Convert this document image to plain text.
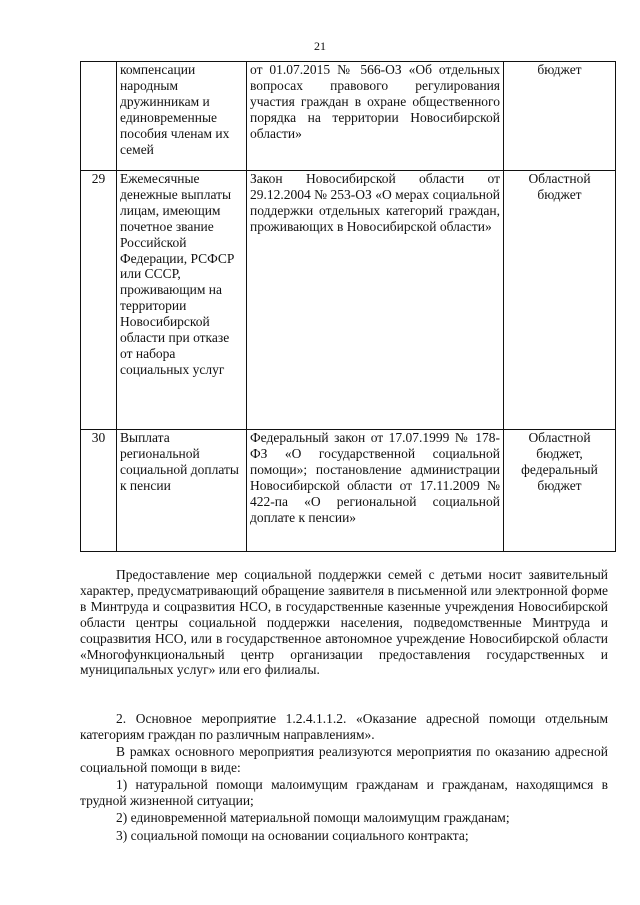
21
	компенсации народным дружинникам и единовременные пособия членам их семей	от 01.07.2015 № 566-ОЗ «Об отдельных вопросах правового регулирования участия граждан в охране общественного порядка на территории Новосибирской области»	бюджет
29	Ежемесячные денежные выплаты лицам, имеющим почетное звание Российской Федерации, РСФСР или СССР, проживающим на территории Новосибирской области при отказе от набора социальных услуг	Закон Новосибирской области от 29.12.2004 № 253-ОЗ «О мерах социальной поддержки отдельных категорий граждан, проживающих в Новосибирской области»	Областной бюджет
30	Выплата региональной социальной доплаты к пенсии	Федеральный закон от 17.07.1999 № 178-ФЗ «О государственной социальной помощи»; постановление администрации Новосибирской области от 17.11.2009 № 422-па «О региональной социальной доплате к пенсии»	Областной бюджет, федеральный бюджет

Предоставление мер социальной поддержки семей с детьми носит заявительный характер, предусматривающий обращение заявителя в письменной или электронной форме в Минтруда и соцразвития НСО, в государственные казенные учреждения Новосибирской области центры социальной поддержки населения, подведомственные Минтруда и соцразвития НСО, или в государственное автономное учреждение Новосибирской области «Многофункциональный центр организации предоставления государственных и муниципальных услуг» или его филиалы.

2. Основное мероприятие 1.2.4.1.1.2. «Оказание адресной помощи отдельным категориям граждан по различным направлениям».

В рамках основного мероприятия реализуются мероприятия по оказанию адресной социальной помощи в виде:

1) натуральной помощи малоимущим гражданам и гражданам, находящимся в трудной жизненной ситуации;

2) единовременной материальной помощи малоимущим гражданам;

3) социальной помощи на основании социального контракта;
